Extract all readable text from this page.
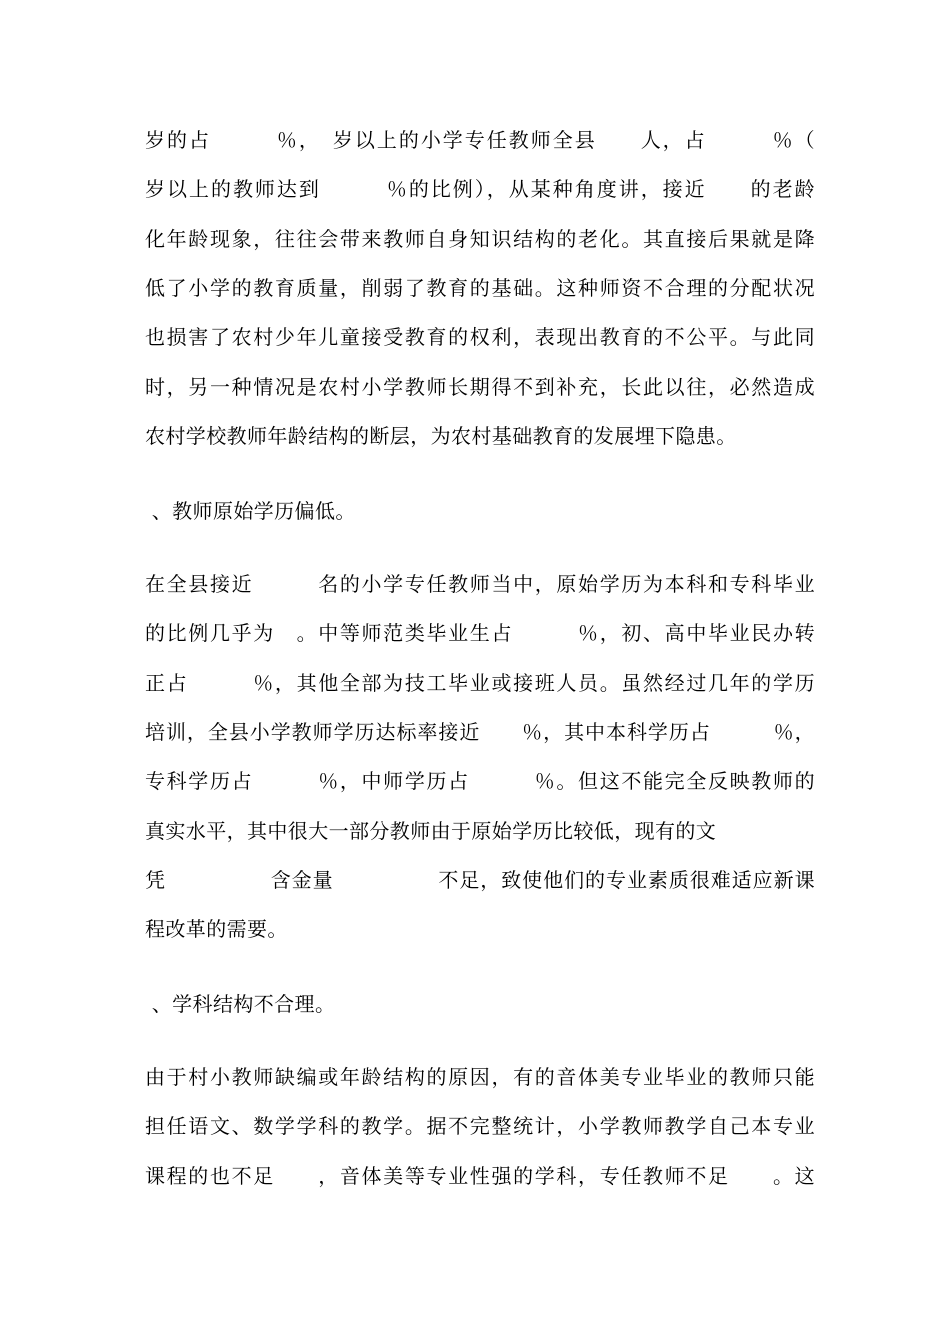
岁的占　　　％，　岁以上的小学专任教师全县　　人，占　　　％（
岁以上的教师达到　　　％的比例），从某种角度讲，接近　　的老龄
化年龄现象，往往会带来教师自身知识结构的老化。其直接后果就是降
低了小学的教育质量，削弱了教育的基础。这种师资不合理的分配状况
也损害了农村少年儿童接受教育的权利，表现出教育的不公平。与此同
时，另一种情况是农村小学教师长期得不到补充，长此以往，必然造成
农村学校教师年龄结构的断层，为农村基础教育的发展埋下隐患。
、教师原始学历偏低。
在全县接近　　　名的小学专任教师当中，原始学历为本科和专科毕业
的比例几乎为　。中等师范类毕业生占　　　％，初、高中毕业民办转
正占　　　％，其他全部为技工毕业或接班人员。虽然经过几年的学历
培训，全县小学教师学历达标率接近　　％，其中本科学历占　　　％，
专科学历占　　　％，中师学历占　　　％。但这不能完全反映教师的
真实水平，其中很大一部分教师由于原始学历比较低，现有的文
凭　　　　　含金量　　　　　不足，致使他们的专业素质很难适应新课
程改革的需要。
、学科结构不合理。
由于村小教师缺编或年龄结构的原因，有的音体美专业毕业的教师只能
担任语文、数学学科的教学。据不完整统计，小学教师教学自己本专业
课程的也不足　　，音体美等专业性强的学科，专任教师不足　　。这
